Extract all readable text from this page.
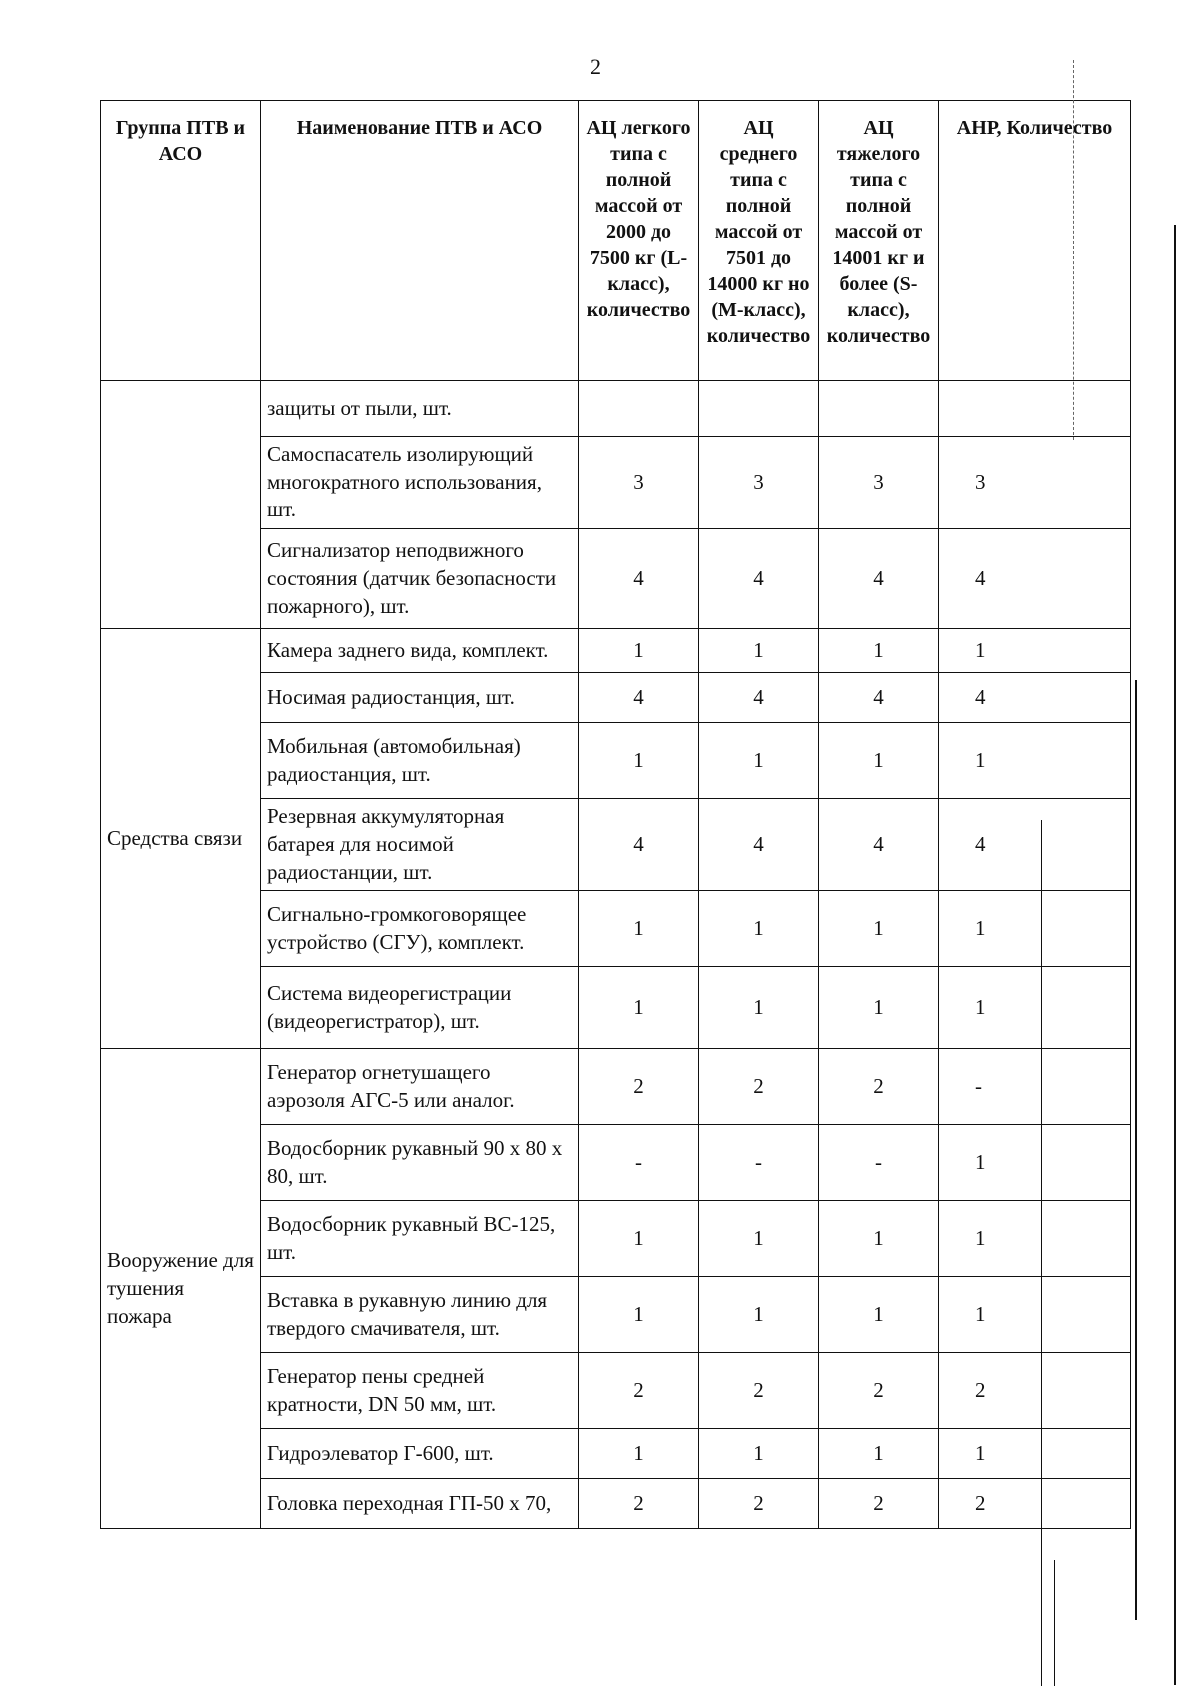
2
Группа ПТВ и АСО	Наименование ПТВ и АСО	АЦ легкого типа с полной массой от 2000 до 7500 кг (L-класс), количество	АЦ среднего типа с полной массой от 7501 до 14000 кг но (M-класс), количество	АЦ тяжелого типа с полной массой от 14001 кг и более (S-класс), количество	АНР, Количество
	защиты от пыли, шт.				
	Самоспасатель изолирующий многократного использования, шт.	3	3	3	3
	Сигнализатор неподвижного состояния (датчик безопасности пожарного), шт.	4	4	4	4
Средства связи	Камера заднего вида, комплект.	1	1	1	1
	Носимая радиостанция, шт.	4	4	4	4
	Мобильная (автомобильная) радиостанция, шт.	1	1	1	1
	Резервная аккумуляторная батарея для носимой радиостанции, шт.	4	4	4	4
	Сигнально-громкоговорящее устройство (СГУ), комплект.	1	1	1	1
	Система видеорегистрации (видеорегистратор), шт.	1	1	1	1
Вооружение для тушения пожара	Генератор огнетушащего аэрозоля АГС-5 или аналог.	2	2	2	-
	Водосборник рукавный 90 х 80 х 80, шт.	-	-	-	1
	Водосборник рукавный ВС-125, шт.	1	1	1	1
	Вставка в рукавную линию для твердого смачивателя, шт.	1	1	1	1
	Генератор пены средней кратности, DN 50 мм, шт.	2	2	2	2
	Гидроэлеватор Г-600, шт.	1	1	1	1
	Головка переходная ГП-50 х 70,	2	2	2	2
